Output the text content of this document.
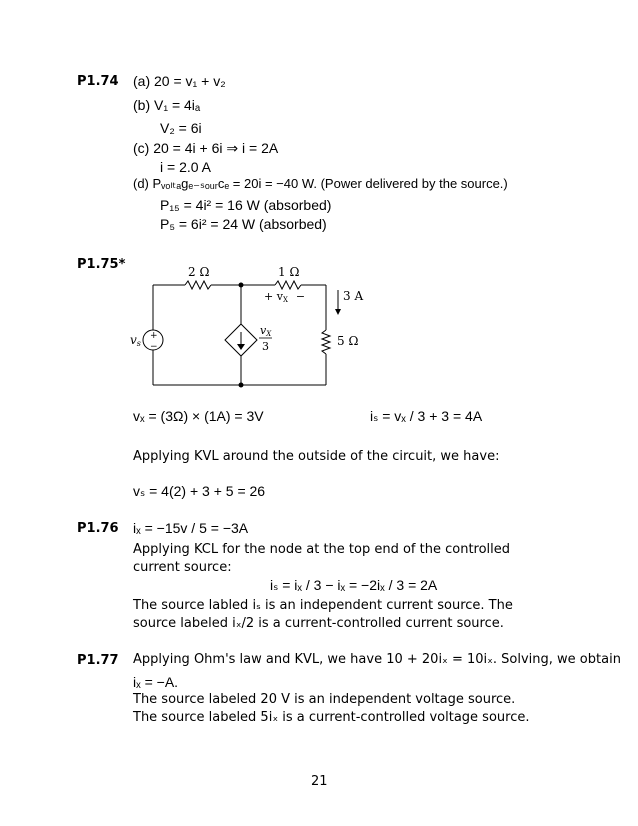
P1.74 (a) 20 = v₁ + v₂
(b) V₁ = 4iₐ
V₂ = 6i
(c) 20 = 4i + 6i ⇒ i = 2A
i = 2.0 A
(d) Pᵥₒₗₜₐgₑ₋ₛₒᵤᵣcₑ = 20i = −40 W. (Power delivered by the source.)
P₁₅ = 4i² = 16 W (absorbed)
P₅ = 6i² = 24 W (absorbed)
P1.75*	2 Ω	1 Ω
+ vX −	3 A
5 Ω
vs
+
−
vX
3
vₓ = (3Ω) × (1A) = 3V	iₛ = vₓ / 3 + 3 = 4A
Applying KVL around the outside of the circuit, we have:
vₛ = 4(2) + 3 + 5 = 26
P1.76 iₓ = −15v / 5 = −3A
Applying KCL for the node at the top end of the controlled current source:
iₛ = iₓ / 3 − iₓ = −2iₓ / 3 = 2A
The source labled iₛ is an independent current source. The source labeled iₓ/2 is a current-controlled current source.
P1.77 Applying Ohm's law and KVL, we have 10 + 20iₓ = 10iₓ. Solving, we obtain
iₓ = −A.
The source labeled 20 V is an independent voltage source. The source labeled 5iₓ is a current-controlled voltage source.
21
